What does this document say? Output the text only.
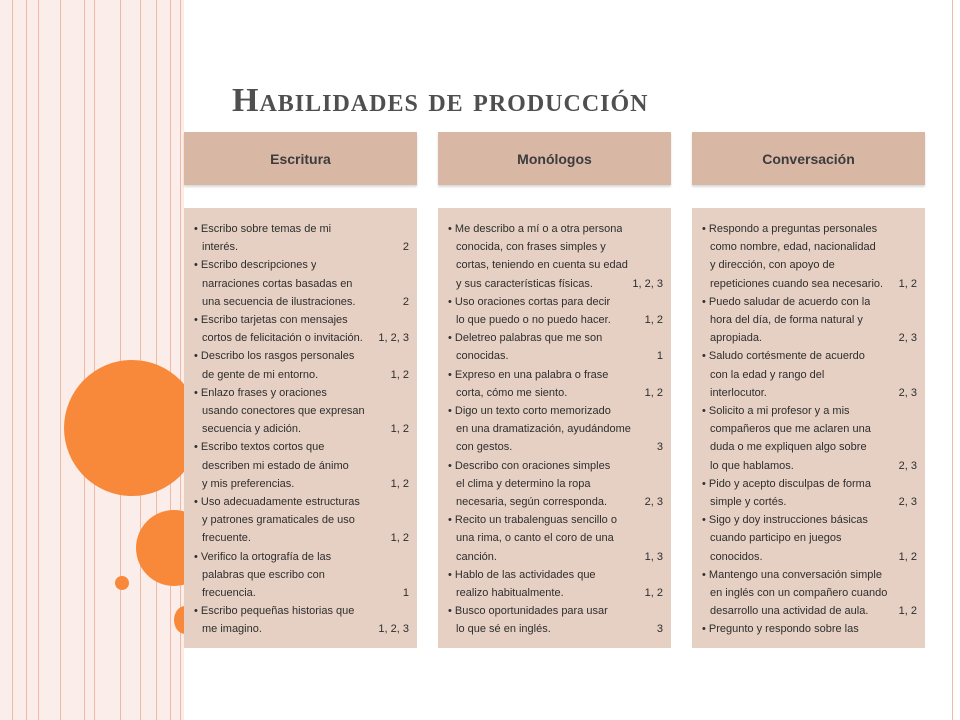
Habilidades de producción
Escritura	Monólogos	Conversación
• Escribo sobre temas de mi
interés.	2
• Escribo descripciones y
narraciones cortas basadas en
una secuencia de ilustraciones.	2
• Escribo tarjetas con mensajes
cortos de felicitación o invitación.	1, 2, 3
• Describo los rasgos personales
de gente de mi entorno.	1, 2
• Enlazo frases y oraciones
usando conectores que expresan
secuencia y adición.	1, 2
• Escribo textos cortos que
describen mi estado de ánimo
y mis preferencias.	1, 2
• Uso adecuadamente estructuras
y patrones gramaticales de uso
frecuente.	1, 2
• Verifico la ortografía de las
palabras que escribo con
frecuencia.	1
• Escribo pequeñas historias que
me imagino.	1, 2, 3
• Me describo a mí o a otra persona
conocida, con frases simples y
cortas, teniendo en cuenta su edad
y sus características físicas.	1, 2, 3
• Uso oraciones cortas para decir
lo que puedo o no puedo hacer.	1, 2
• Deletreo palabras que me son
conocidas.	1
• Expreso en una palabra o frase
corta, cómo me siento.	1, 2
• Digo un texto corto memorizado
en una dramatización, ayudándome
con gestos.	3
• Describo con oraciones simples
el clima y determino la ropa
necesaria, según corresponda.	2, 3
• Recito un trabalenguas sencillo o
una rima, o canto el coro de una
canción.	1, 3
• Hablo de las actividades que
realizo habitualmente.	1, 2
• Busco oportunidades para usar
lo que sé en inglés.	3
• Respondo a preguntas personales
como nombre, edad, nacionalidad
y dirección, con apoyo de
repeticiones cuando sea necesario.	1, 2
• Puedo saludar de acuerdo con la
hora del día, de forma natural y
apropiada.	2, 3
• Saludo cortésmente de acuerdo
con la edad y rango del
interlocutor.	2, 3
• Solicito a mi profesor y a mis
compañeros que me aclaren una
duda o me expliquen algo sobre
lo que hablamos.	2, 3
• Pido y acepto disculpas de forma
simple y cortés.	2, 3
• Sigo y doy instrucciones básicas
cuando participo en juegos
conocidos.	1, 2
• Mantengo una conversación simple
en inglés con un compañero cuando
desarrollo una actividad de aula.	1, 2
• Pregunto y respondo sobre las
